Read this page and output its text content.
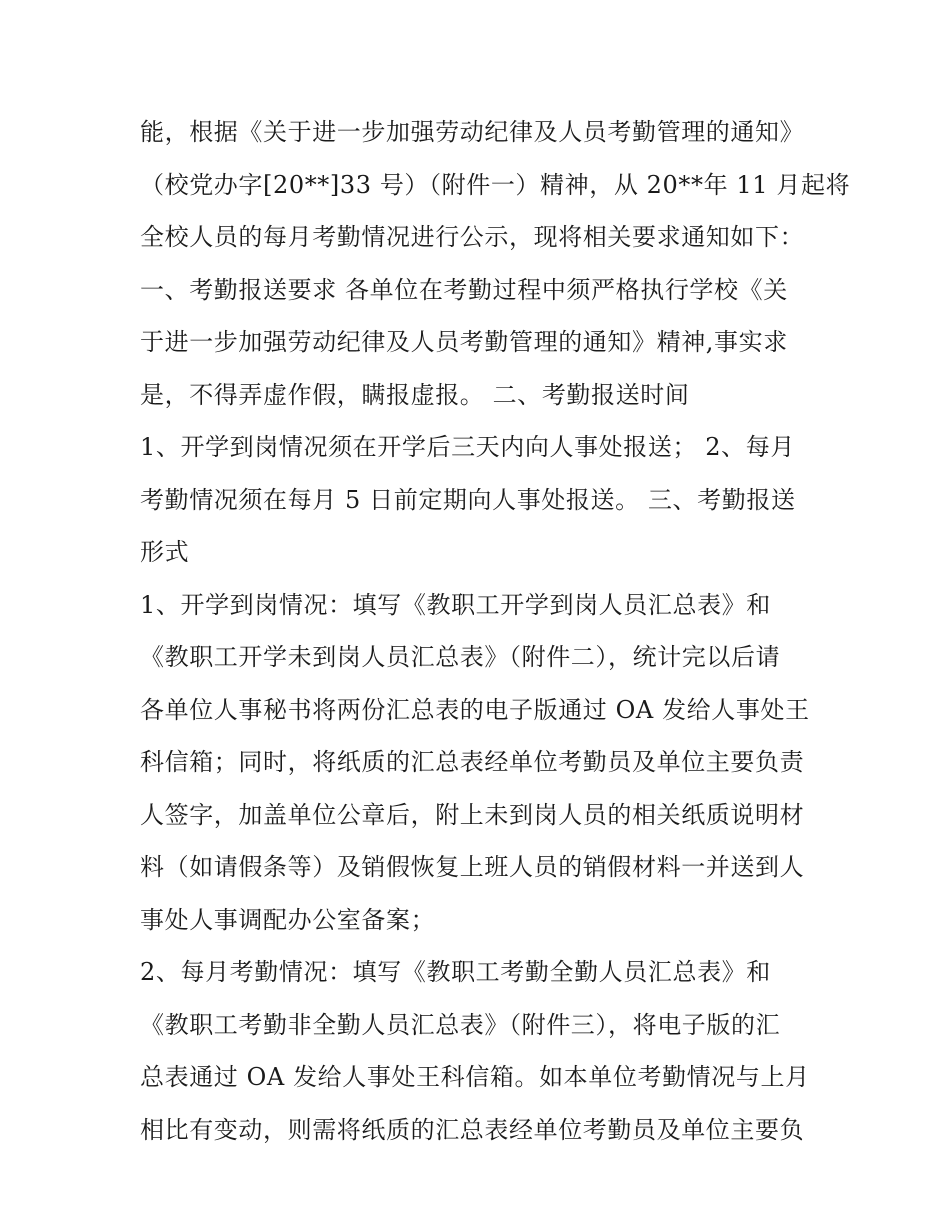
能，根据《关于进一步加强劳动纪律及人员考勤管理的通知》
（校党办字[20**]33 号）（附件一）精神，从 20**年 11 月起将
全校人员的每月考勤情况进行公示，现将相关要求通知如下：
一、考勤报送要求 各单位在考勤过程中须严格执行学校《关
于进一步加强劳动纪律及人员考勤管理的通知》精神,事实求
是，不得弄虚作假，瞒报虚报。 二、考勤报送时间
1、开学到岗情况须在开学后三天内向人事处报送； 2、每月
考勤情况须在每月 5 日前定期向人事处报送。 三、考勤报送
形式
1、开学到岗情况：填写《教职工开学到岗人员汇总表》和
《教职工开学未到岗人员汇总表》（附件二），统计完以后请
各单位人事秘书将两份汇总表的电子版通过 OA 发给人事处王
科信箱；同时，将纸质的汇总表经单位考勤员及单位主要负责
人签字，加盖单位公章后，附上未到岗人员的相关纸质说明材
料（如请假条等）及销假恢复上班人员的销假材料一并送到人
事处人事调配办公室备案；
2、每月考勤情况：填写《教职工考勤全勤人员汇总表》和
《教职工考勤非全勤人员汇总表》（附件三），将电子版的汇
总表通过 OA 发给人事处王科信箱。如本单位考勤情况与上月
相比有变动，则需将纸质的汇总表经单位考勤员及单位主要负
